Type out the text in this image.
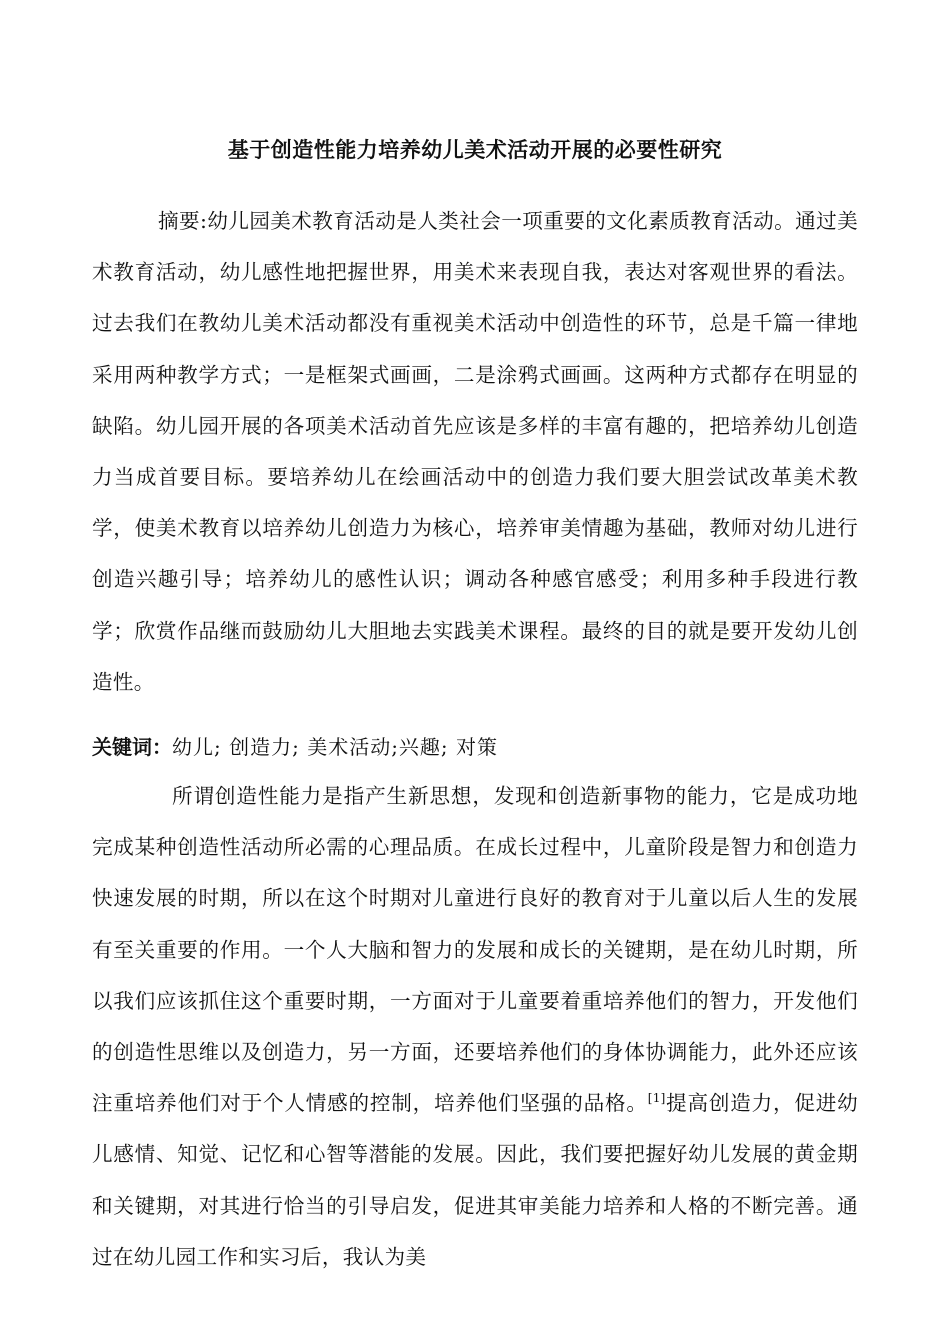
基于创造性能力培养幼儿美术活动开展的必要性研究

摘要:幼儿园美术教育活动是人类社会一项重要的文化素质教育活动。通过美术教育活动，幼儿感性地把握世界，用美术来表现自我，表达对客观世界的看法。过去我们在教幼儿美术活动都没有重视美术活动中创造性的环节，总是千篇一律地采用两种教学方式；一是框架式画画，二是涂鸦式画画。这两种方式都存在明显的缺陷。幼儿园开展的各项美术活动首先应该是多样的丰富有趣的，把培养幼儿创造力当成首要目标。要培养幼儿在绘画活动中的创造力我们要大胆尝试改革美术教学，使美术教育以培养幼儿创造力为核心，培养审美情趣为基础，教师对幼儿进行创造兴趣引导；培养幼儿的感性认识；调动各种感官感受；利用多种手段进行教学；欣赏作品继而鼓励幼儿大胆地去实践美术课程。最终的目的就是要开发幼儿创造性。

关键词：幼儿; 创造力; 美术活动;兴趣; 对策

所谓创造性能力是指产生新思想，发现和创造新事物的能力，它是成功地完成某种创造性活动所必需的心理品质。在成长过程中，儿童阶段是智力和创造力快速发展的时期，所以在这个时期对儿童进行良好的教育对于儿童以后人生的发展有至关重要的作用。一个人大脑和智力的发展和成长的关键期，是在幼儿时期，所以我们应该抓住这个重要时期，一方面对于儿童要着重培养他们的智力，开发他们的创造性思维以及创造力，另一方面，还要培养他们的身体协调能力，此外还应该注重培养他们对于个人情感的控制，培养他们坚强的品格。[1]提高创造力，促进幼儿感情、知觉、记忆和心智等潜能的发展。因此，我们要把握好幼儿发展的黄金期和关键期，对其进行恰当的引导启发，促进其审美能力培养和人格的不断完善。通过在幼儿园工作和实习后，我认为美
